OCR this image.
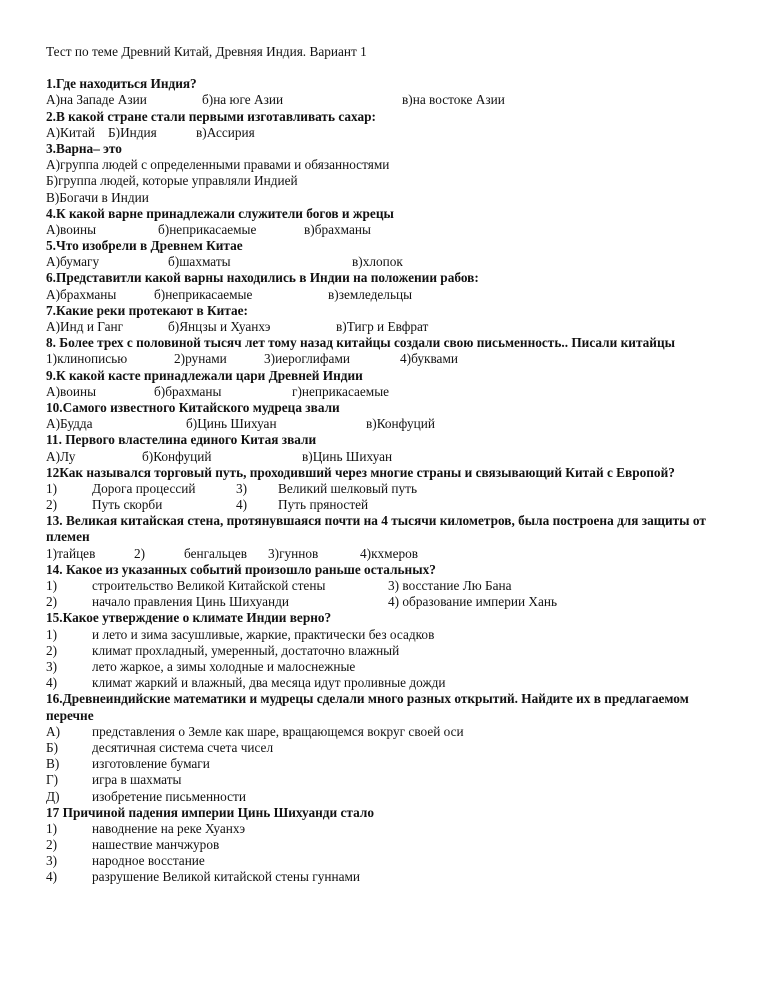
Тест по теме Древний Китай, Древняя Индия. Вариант 1
1.Где находиться Индия?
А)на Западе Азии	б)на юге Азии	в)на востоке Азии
2.В какой стране стали первыми изготавливать сахар:
А)Китай Б)Индия	в)Ассирия
3.Варна– это
А)группа людей с определенными правами и обязанностями
Б)группа людей, которые управляли Индией
В)Богачи в Индии
4.К какой варне принадлежали служители богов и жрецы
А)воины	б)неприкасаемые	в)брахманы
5.Что изобрели в Древнем Китае
А)бумагу	б)шахматы	в)хлопок
6.Представитли какой варны находились в Индии на положении рабов:
А)брахманы	б)неприкасаемые	в)земледельцы
7.Какие реки протекают в Китае:
А)Инд и Ганг	б)Янцзы и Хуанхэ	в)Тигр и Евфрат
8. Более трех с половиной тысяч лет тому назад китайцы создали свою письменность.. Писали китайцы
1)клинописью	2)рунами	3)иероглифами	4)буквами
9.К какой касте принадлежали цари Древней Индии
А)воины	б)брахманы	г)неприкасаемые
10.Самого известного Китайского мудреца звали
А)Будда	б)Цинь Шихуан	в)Конфуций
11. Первого властелина единого Китая звали
А)Лу	б)Конфуций	в)Цинь Шихуан
12Как назывался торговый путь, проходивший через многие страны и связывающий Китай с Европой?
1)	Дорога процессий	3) Великий шелковый путь
2)	Путь скорби	4) Путь пряностей
13. Великая китайская стена, протянувшаяся почти на 4 тысячи километров, была построена для защиты от племен
1)тайцев	2)	бенгальцев 3)гуннов	4)кхмеров
14. Какое из указанных событий произошло раньше остальных?
1)	строительство Великой Китайской стены	3) восстание Лю Бана
2)	начало правления Цинь Шихуанди	4) образование империи Хань
15.Какое утверждение о климате Индии верно?
1)	и лето и зима засушливые, жаркие, практически без осадков
2)	климат прохладный, умеренный, достаточно влажный
3)	лето жаркое, а зимы холодные и малоснежные
4)	климат жаркий и влажный, два месяца идут проливные дожди
16.Древнеиндийские математики и мудрецы сделали много разных открытий. Найдите их в предлагаемом перечне
А) представления о Земле как шаре, вращающемся вокруг своей оси
Б)	десятичная система счета чисел
В) изготовление бумаги
Г)	игра в шахматы
Д) изобретение письменности
17 Причиной падения империи Цинь Шихуанди стало
1)	наводнение на реке Хуанхэ
2)	нашествие манчжуров
3)	народное восстание
4)	разрушение Великой китайской стены гуннами
